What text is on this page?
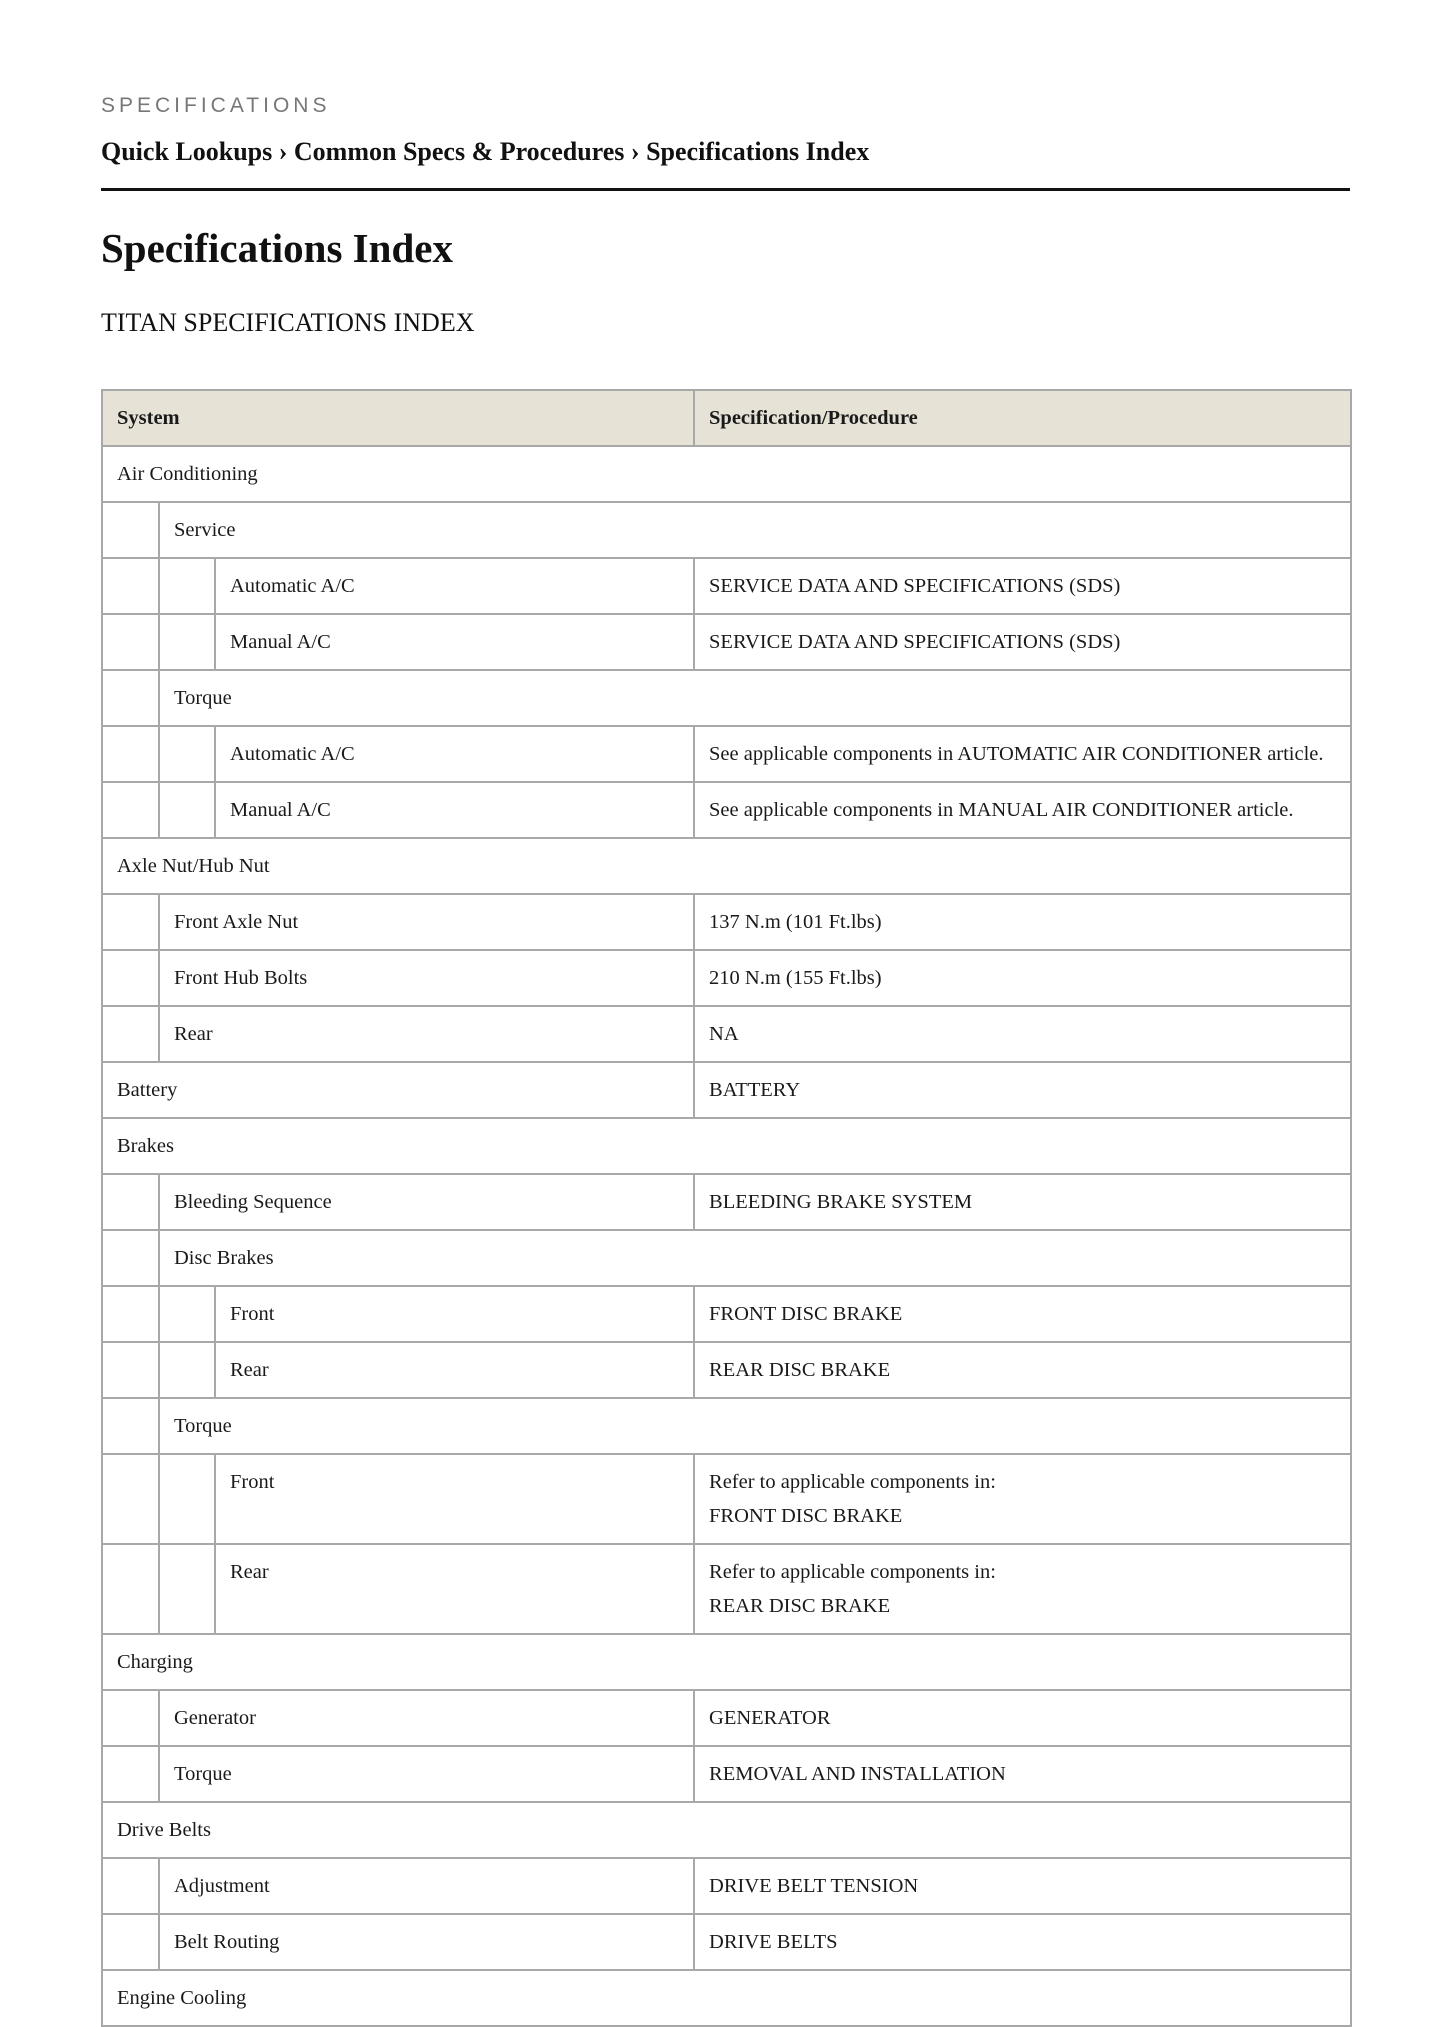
SPECIFICATIONS
Quick Lookups › Common Specs & Procedures › Specifications Index
Specifications Index
TITAN SPECIFICATIONS INDEX
System			Specification/Procedure
Air Conditioning			
	Service		
		Automatic A/C	SERVICE DATA AND SPECIFICATIONS (SDS)
		Manual A/C	SERVICE DATA AND SPECIFICATIONS (SDS)
	Torque		
		Automatic A/C	See applicable components in AUTOMATIC AIR CONDITIONER article.
		Manual A/C	See applicable components in MANUAL AIR CONDITIONER article.
Axle Nut/Hub Nut			
	Front Axle Nut		137 N.m (101 Ft.lbs)
	Front Hub Bolts		210 N.m (155 Ft.lbs)
	Rear		NA
Battery			BATTERY
Brakes			
	Bleeding Sequence		BLEEDING BRAKE SYSTEM
	Disc Brakes		
		Front	FRONT DISC BRAKE
		Rear	REAR DISC BRAKE
	Torque		
		Front	Refer to applicable components in:
FRONT DISC BRAKE
		Rear	Refer to applicable components in:
REAR DISC BRAKE
Charging			
	Generator		GENERATOR
	Torque		REMOVAL AND INSTALLATION
Drive Belts			
	Adjustment		DRIVE BELT TENSION
	Belt Routing		DRIVE BELTS
Engine Cooling			
